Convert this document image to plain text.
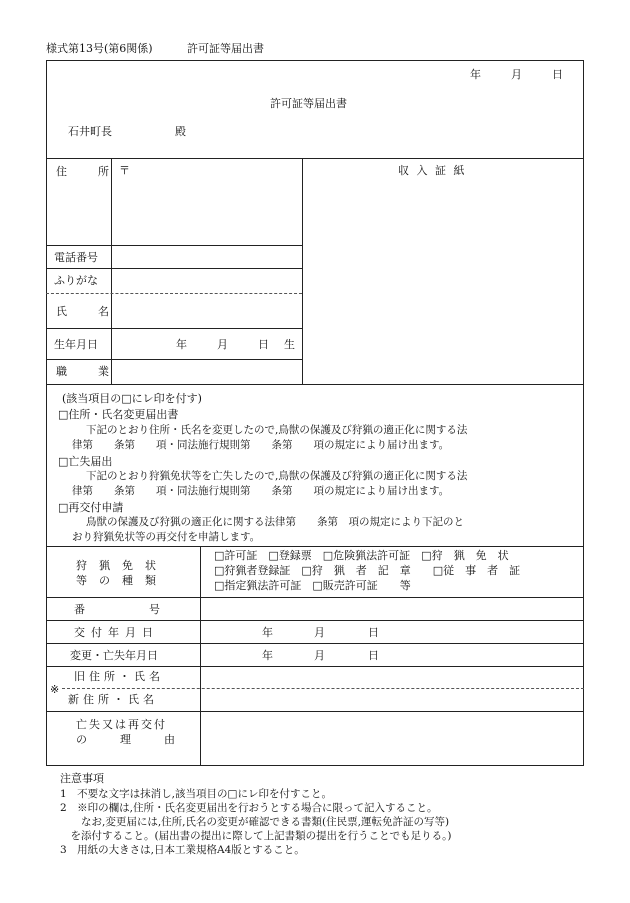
様式第13号(第6関係)	許可証等届出書
年	月	日
許可証等届出書
石井町長	殿
住　所 〒	収 入 証 紙
電話番号
ふりがな
氏　名
生年月日	年	月	日 生
職　業
(該当項目の□にレ印を付す)
□住所・氏名変更届出書
下記のとおり住所・氏名を変更したので,鳥獣の保護及び狩猟の適正化に関する法
律第　　条第　　項・同法施行規則第　　条第　　項の規定により届け出ます。
□亡失届出
下記のとおり狩猟免状等を亡失したので,鳥獣の保護及び狩猟の適正化に関する法
律第　　条第　　項・同法施行規則第　　条第　　項の規定により届け出ます。
□再交付申請
鳥獣の保護及び狩猟の適正化に関する法律第　　条第　項の規定により下記のと
おり狩猟免状等の再交付を申請します。
狩猟免状
等の種類
□許可証　□登録票　□危険猟法許可証　□狩　猟　免　状
□狩猟者登録証　□狩　猟　者　記　章　　□従　事　者　証
□指定猟法許可証　□販売許可証　　等
番　　　　号
交付年月日	年	月	日
変更・亡失年月日	年	月	日
※
旧住所・氏名
新住所・氏名
亡失又は再交付
の　　　理　　　由
注意事項
1　不要な文字は抹消し,該当項目の□にレ印を付すこと。
2　※印の欄は,住所・氏名変更届出を行おうとする場合に限って記入すること。
　　なお,変更届には,住所,氏名の変更が確認できる書類(住民票,運転免許証の写等)
　を添付すること。(届出書の提出に際して上記書類の提出を行うことでも足りる。)
3　用紙の大きさは,日本工業規格A4版とすること。
